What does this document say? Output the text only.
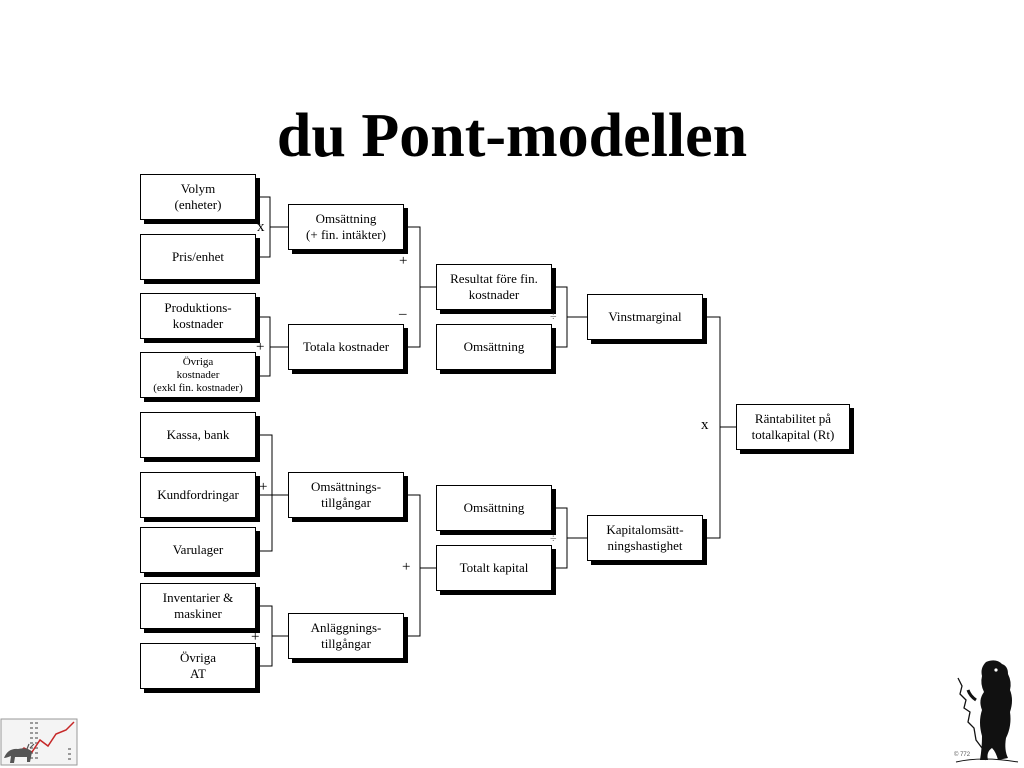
du Pont-modellen
Volym
(enheter)
Pris/enhet
Produktions-
kostnader
Övriga
kostnader
(exkl fin. kostnader)
Kassa, bank
Kundfordringar
Varulager
Inventarier &
maskiner
Övriga
AT
Omsättning
(+ fin. intäkter)
Totala kostnader
Omsättnings-
tillgångar
Anläggnings-
tillgångar
Resultat före fin.
kostnader
Omsättning
Omsättning
Totalt kapital
Vinstmarginal
Kapitalomsätt-
ningshastighet
Räntabilitet på
totalkapital (Rt)
x
+
+
–	÷
x
+
÷
+
+
© 772
